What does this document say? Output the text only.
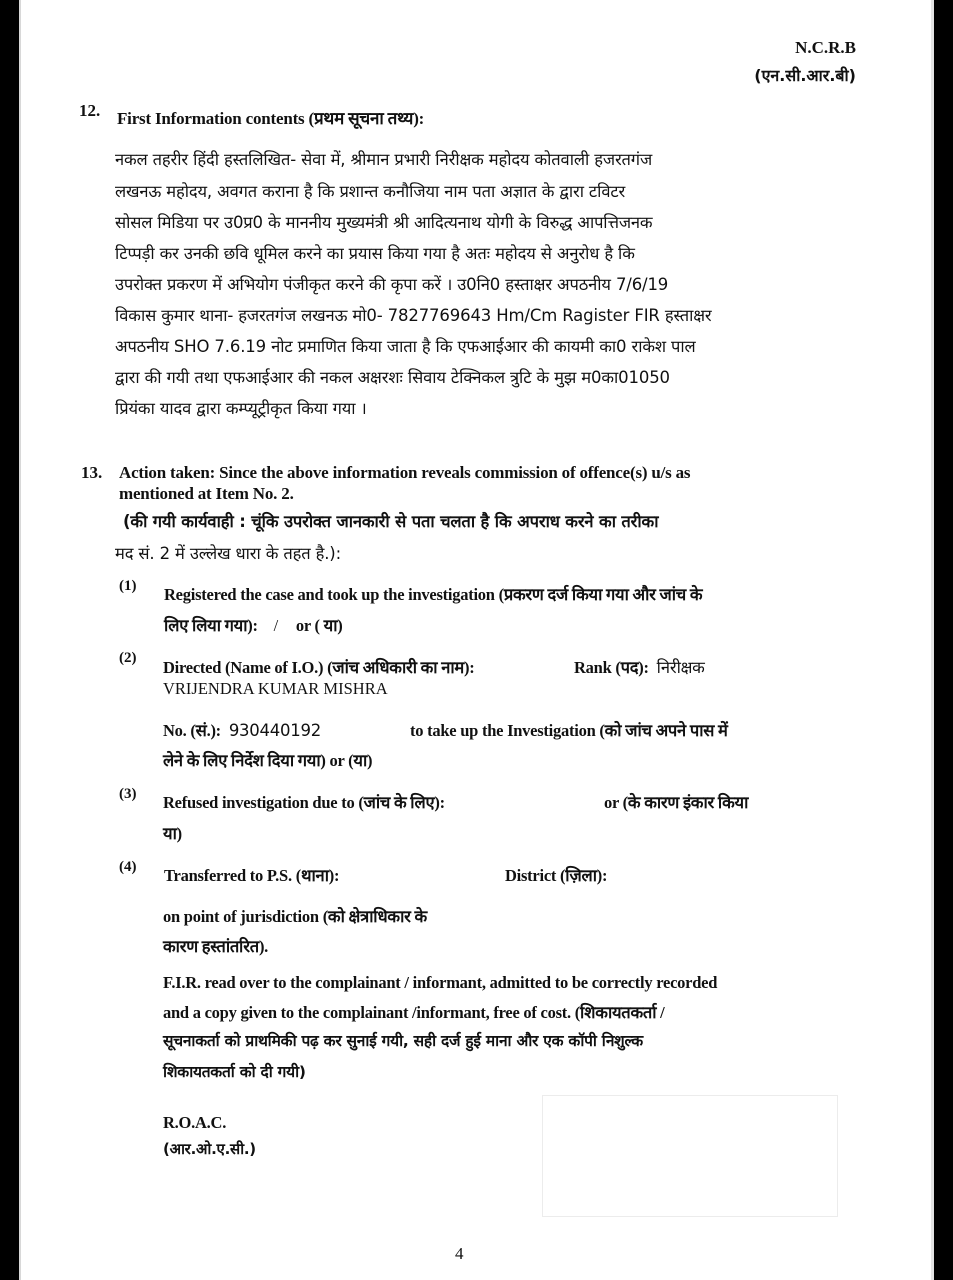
N.C.R.B
(एन.सी.आर.बी)
12. First Information contents (प्रथम सूचना तथ्य):
नकल तहरीर हिंदी हस्तलिखित- सेवा में, श्रीमान प्रभारी निरीक्षक महोदय कोतवाली हजरतगंज
लखनऊ महोदय, अवगत कराना है कि प्रशान्त कनौजिया नाम पता अज्ञात के द्वारा टविटर
सोसल मिडिया पर उ0प्र0 के माननीय मुख्यमंत्री श्री आदित्यनाथ योगी के विरुद्ध आपत्तिजनक
टिप्पड़ी कर उनकी छवि धूमिल करने का प्रयास किया गया है अतः महोदय से अनुरोध है कि
उपरोक्त प्रकरण में अभियोग पंजीकृत करने की कृपा करें । उ0नि0 हस्ताक्षर अपठनीय 7/6/19
विकास कुमार थाना- हजरतगंज लखनऊ मो0- 7827769643 Hm/Cm Ragister FIR हस्ताक्षर
अपठनीय SHO 7.6.19 नोट प्रमाणित किया जाता है कि एफआईआर की कायमी का0 राकेश पाल
द्वारा की गयी तथा एफआईआर की नकल अक्षरशः सिवाय टेक्निकल त्रुटि के मुझ म0का01050
प्रियंका यादव द्वारा कम्प्यूट्रीकृत किया गया ।
13. Action taken: Since the above information reveals commission of offence(s) u/s as
mentioned at Item No. 2.
(की गयी कार्यवाही : चूंकि उपरोक्त जानकारी से पता चलता है कि अपराध करने का तरीका
मद सं. 2 में उल्लेख धारा के तहत है.):
(1) Registered the case and took up the investigation (प्रकरण दर्ज किया गया और जांच के
लिए लिया गया): / or ( या)
(2) Directed (Name of I.O.) (जांच अधिकारी का नाम):	Rank (पद): निरीक्षक
VRIJENDRA KUMAR MISHRA
No. (सं.): 930440192	to take up the Investigation (को जांच अपने पास में
लेने के लिए निर्देश दिया गया) or (या)
(3) Refused investigation due to (जांच के लिए):	or (के कारण इंकार किया
या)
(4) Transferred to P.S. (थाना):	District (ज़िला):
on point of jurisdiction (को क्षेत्राधिकार के
कारण हस्तांतरित).
F.I.R. read over to the complainant / informant, admitted to be correctly recorded
and a copy given to the complainant /informant, free of cost. (शिकायतकर्ता /
सूचनाकर्ता को प्राथमिकी पढ़ कर सुनाई गयी, सही दर्ज हुई माना और एक कॉपी निशुल्क
शिकायतकर्ता को दी गयी)
R.O.A.C.
(आर.ओ.ए.सी.)
4
